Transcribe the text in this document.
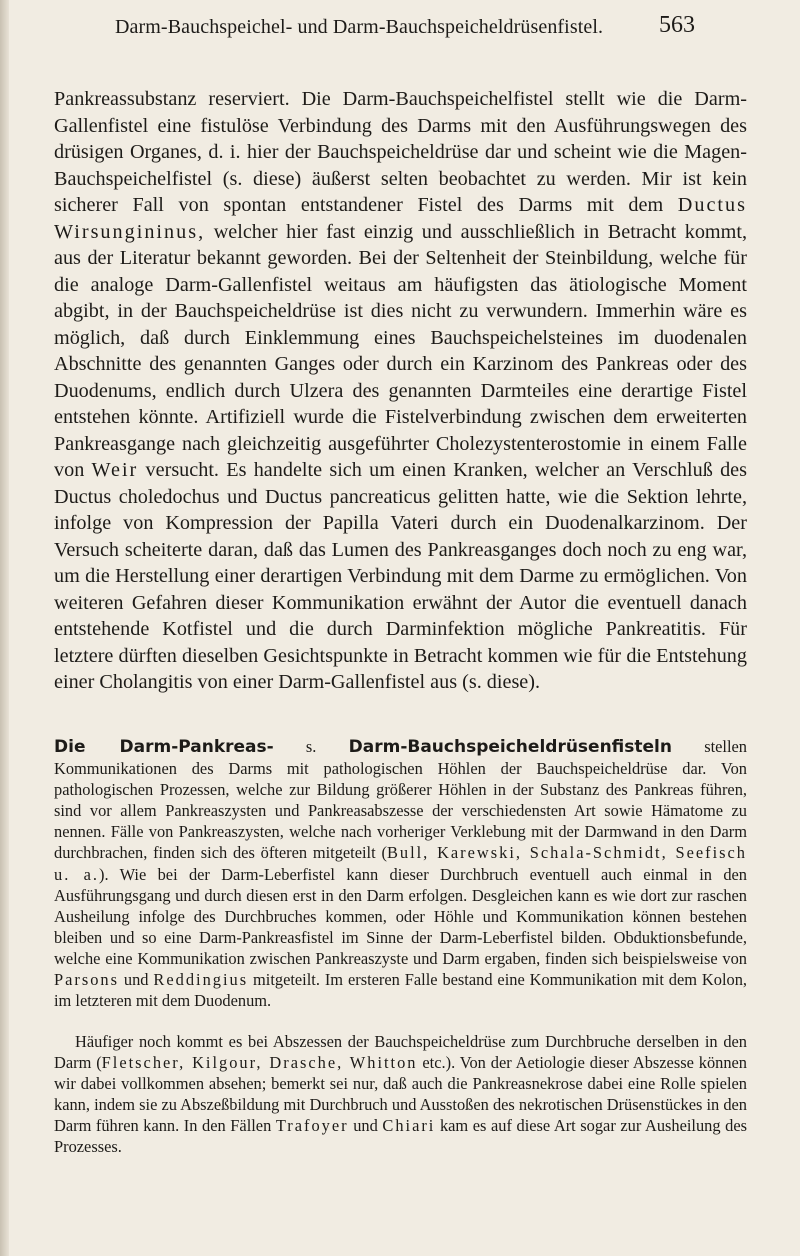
Darm-Bauchspeichel- und Darm-Bauchspeicheldrüsenfistel. 563

Pankreassubstanz reserviert. Die Darm-Bauchspeichelfistel stellt wie die Darm-Gallenfistel eine fistulöse Verbindung des Darms mit den Ausführungswegen des drüsigen Organes, d. i. hier der Bauchspeicheldrüse dar und scheint wie die Magen-Bauchspeichelfistel (s. diese) äußerst selten beobachtet zu werden. Mir ist kein sicherer Fall von spontan entstandener Fistel des Darms mit dem Ductus Wirsungininus, welcher hier fast einzig und ausschließlich in Betracht kommt, aus der Literatur bekannt geworden. Bei der Seltenheit der Steinbildung, welche für die analoge Darm-Gallenfistel weitaus am häufigsten das ätiologische Moment abgibt, in der Bauchspeicheldrüse ist dies nicht zu verwundern. Immerhin wäre es möglich, daß durch Einklemmung eines Bauchspeichelsteines im duodenalen Abschnitte des genannten Ganges oder durch ein Karzinom des Pankreas oder des Duodenums, endlich durch Ulzera des genannten Darmteiles eine derartige Fistel entstehen könnte. Artifiziell wurde die Fistelverbindung zwischen dem erweiterten Pankreasgange nach gleichzeitig ausgeführter Cholezystenterostomie in einem Falle von Weir versucht. Es handelte sich um einen Kranken, welcher an Verschluß des Ductus choledochus und Ductus pancreaticus gelitten hatte, wie die Sektion lehrte, infolge von Kompression der Papilla Vateri durch ein Duodenalkarzinom. Der Versuch scheiterte daran, daß das Lumen des Pankreasganges doch noch zu eng war, um die Herstellung einer derartigen Verbindung mit dem Darme zu ermöglichen. Von weiteren Gefahren dieser Kommunikation erwähnt der Autor die eventuell danach entstehende Kotfistel und die durch Darminfektion mögliche Pankreatitis. Für letztere dürften dieselben Gesichtspunkte in Betracht kommen wie für die Entstehung einer Cholangitis von einer Darm-Gallenfistel aus (s. diese).

Die Darm-Pankreas- s. Darm-Bauchspeicheldrüsenfisteln stellen Kommunikationen des Darms mit pathologischen Höhlen der Bauchspeicheldrüse dar. Von pathologischen Prozessen, welche zur Bildung größerer Höhlen in der Substanz des Pankreas führen, sind vor allem Pankreaszysten und Pankreasabszesse der verschiedensten Art sowie Hämatome zu nennen. Fälle von Pankreaszysten, welche nach vorheriger Verklebung mit der Darmwand in den Darm durchbrachen, finden sich des öfteren mitgeteilt (Bull, Karewski, Schala-Schmidt, Seefisch u. a.). Wie bei der Darm-Leberfistel kann dieser Durchbruch eventuell auch einmal in den Ausführungsgang und durch diesen erst in den Darm erfolgen. Desgleichen kann es wie dort zur raschen Ausheilung infolge des Durchbruches kommen, oder Höhle und Kommunikation können bestehen bleiben und so eine Darm-Pankreasfistel im Sinne der Darm-Leberfistel bilden. Obduktionsbefunde, welche eine Kommunikation zwischen Pankreaszyste und Darm ergaben, finden sich beispielsweise von Parsons und Reddingius mitgeteilt. Im ersteren Falle bestand eine Kommunikation mit dem Kolon, im letzteren mit dem Duodenum.

Häufiger noch kommt es bei Abszessen der Bauchspeicheldrüse zum Durchbruche derselben in den Darm (Fletscher, Kilgour, Drasche, Whitton etc.). Von der Aetiologie dieser Abszesse können wir dabei vollkommen absehen; bemerkt sei nur, daß auch die Pankreasnekrose dabei eine Rolle spielen kann, indem sie zu Abszeßbildung mit Durchbruch und Ausstoßen des nekrotischen Drüsenstückes in den Darm führen kann. In den Fällen Trafoyer und Chiari kam es auf diese Art sogar zur Ausheilung des Prozesses.
